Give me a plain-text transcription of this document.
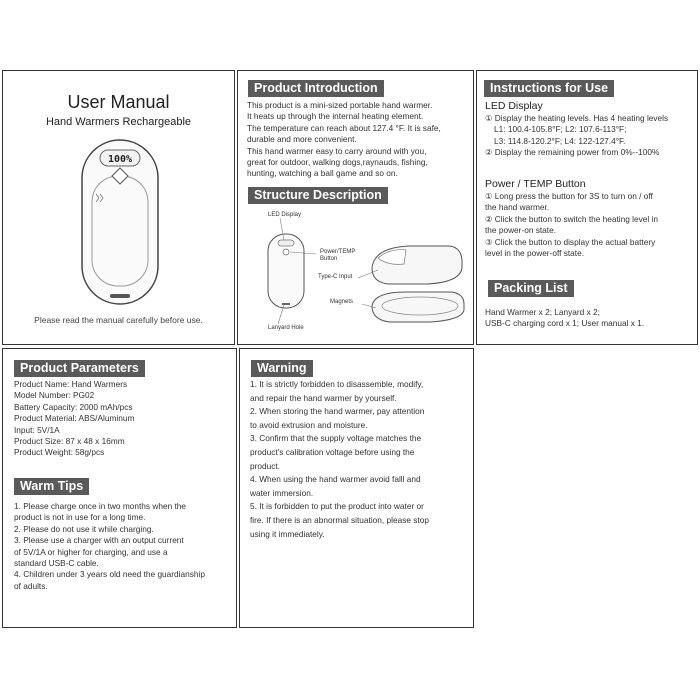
User Manual
Hand Warmers Rechargeable
100%
Please read the manual carefully before use.
Product Introduction

This product is a mini-sized portable hand warmer.

It heats up through the internal heating element.

The temperature can reach about 127.4 °F. It is safe,

durable and more convenient.

This hand warmer easy to carry around with you,

great for outdoor, walking dogs,raynauds, fishing,

hunting, watching a ball game and so on.

Structure Description
LED Display
Power/TEMP
Button
Type-C Input
Magnets
Lanyard Hole
Instructions for Use
LED Display

① Display the heating levels. Has 4 heating levels

L1: 100.4-105.8°F; L2: 107.6-113°F;

L3: 114.8-120.2°F; L4: 122-127.4°F.

② Display the remaining power from 0%--100%

Power / TEMP Button

① Long press the button for 3S to turn on / off

the hand warmer.

② Click the button to switch the heating level in

the power-on state.

③ Click the button to display the actual battery

level in the power-off state.

Packing List

Hand Warmer x 2; Lanyard x 2;

USB-C charging cord x 1; User manual x 1.

Product Parameters

Product Name: Hand Warmers

Model Number: PG02

Battery Capacity: 2000 mAh/pcs

Product Material: ABS/Aluminum

Input: 5V/1A

Product Size: 87 x 48 x 16mm

Product Weight: 58g/pcs

Warm Tips

1. Please charge once in two months when the

product is not in use for a long time.

2. Please do not use it while charging.

3. Please use a charger with an output current

of 5V/1A or higher for charging, and use a

standard USB-C cable.

4. Children under 3 years old need the guardianship

of adults.

Warning

1. It is strictly forbidden to disassemble, modify,

and repair the hand warmer by yourself.

2. When storing the hand warmer, pay attention

to avoid extrusion and moisture.

3. Confirm that the supply voltage matches the

product's calibration voltage before using the

product.

4. When using the hand warmer avoid falll and

water immersion.

5. It is forbidden to put the product into water or

fire. If there is an abnormal situation, please stop

using it immediately.
